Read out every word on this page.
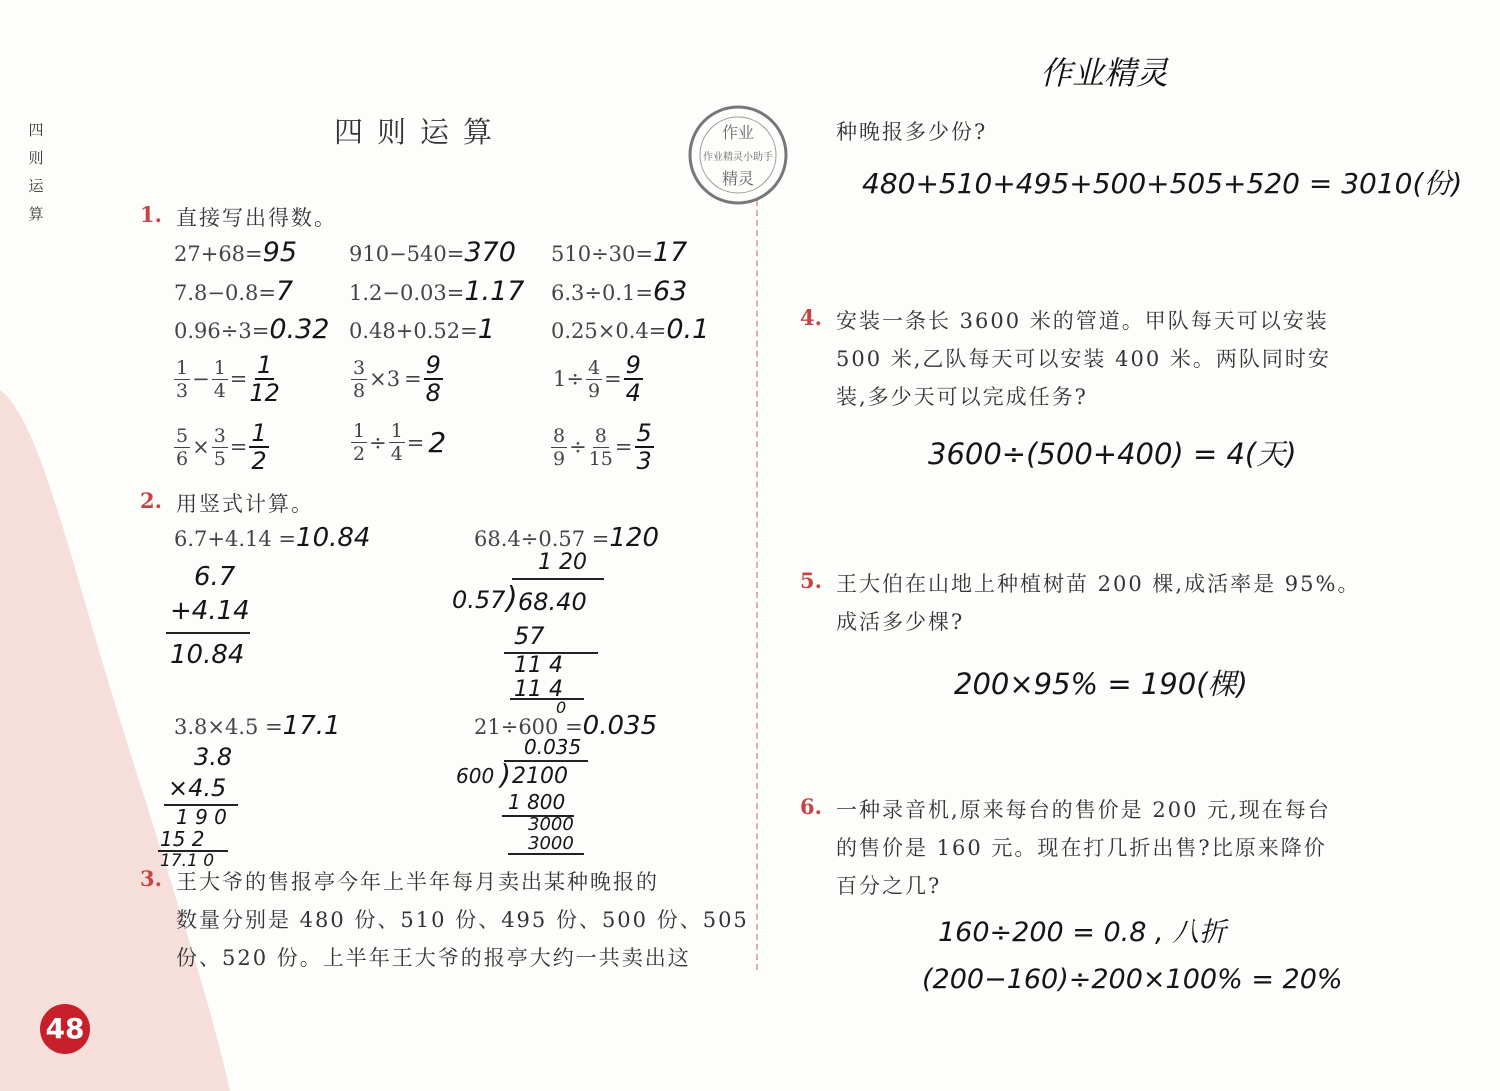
四
则
运
算
48
四则运算	作业
作业精灵小助手
精灵
作业精灵
1. 直接写出得数。
27+68=95 910−540=370 510÷30=17
7.8−0.8=7	1.2−0.03=1.17 6.3÷0.1=63
0.96÷3=0.32 0.48+0.52=1	0.25×0.4=0.1
$\frac{1}{3} - \frac{1}{4} = \frac{1}{12}$	$\frac{3}{8} \times 3 = \frac{9}{8}$	$1\div \frac{4}{9} = \frac{9}{4}$
$\frac{5}{6} \times \frac{3}{5} = \frac{1}{2}$	$\frac{1}{2} \div \frac{1}{4} = 2$	$\frac{8}{9} \div \frac{8}{15} = \frac{5}{3}$
2. 用竖式计算。
6.7+4.14 =10.84
6.7
+4.14
10.84
68.4÷0.57 =120
1 20
0.57 ) 68.40
57
11 4
11 4
0
3.8×4.5 =17.1
3.8
×4.5
1 9 0
15 2
17.1 0
21÷600 =0.035
0.035
600 ) 2100
1 800
3000
3000
3. 王大爷的售报亭今年上半年每月卖出某种晚报的
数量分别是 480 份、510 份、495 份、500 份、505
份、520 份。上半年王大爷的报亭大约一共卖出这
种晚报多少份?
480+510+495+500+505+520 = 3010(份)
4. 安装一条长 3600 米的管道。甲队每天可以安装
500 米,乙队每天可以安装 400 米。两队同时安
装,多少天可以完成任务?
3600÷(500+400) = 4(天)
5. 王大伯在山地上种植树苗 200 棵,成活率是 95%。
成活多少棵?
200×95% = 190(棵)
6. 一种录音机,原来每台的售价是 200 元,现在每台
的售价是 160 元。现在打几折出售?比原来降价
百分之几?
160÷200 = 0.8 , 八折
(200−160)÷200×100% = 20%
